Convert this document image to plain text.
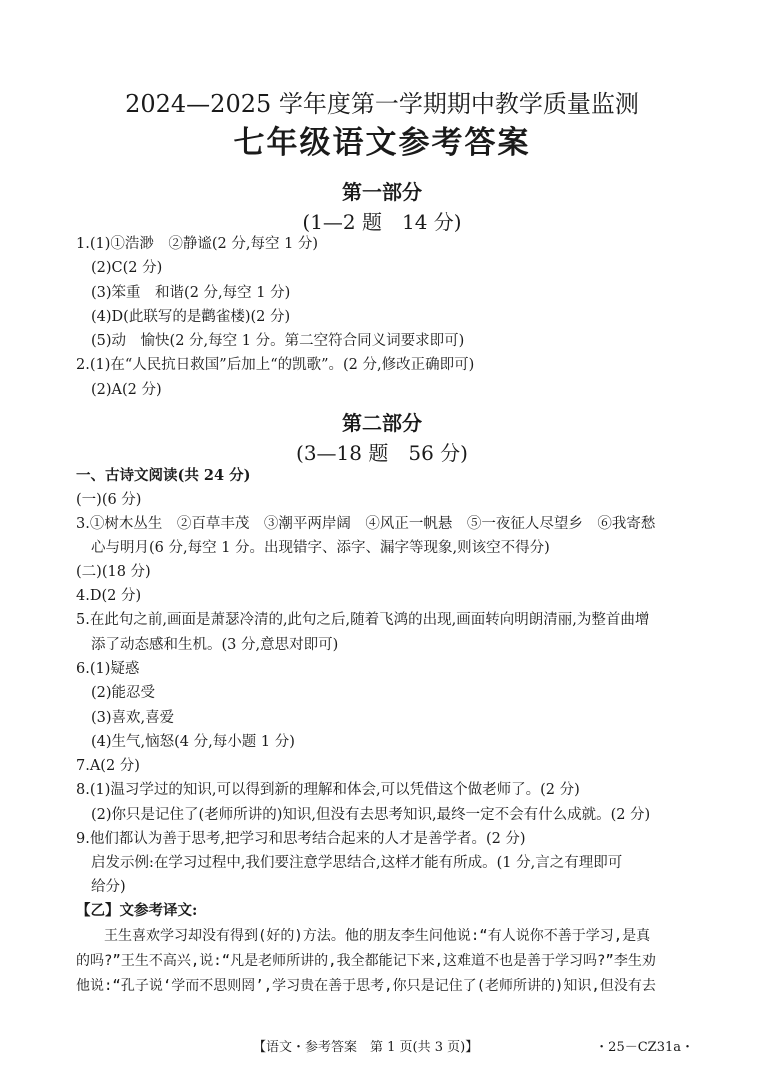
2024—2025 学年度第一学期期中教学质量监测
七年级语文参考答案
第一部分
(1—2 题 14 分)
1.(1)①浩渺　②静谧(2 分,每空 1 分)
(2)C(2 分)
(3)笨重　和谐(2 分,每空 1 分)
(4)D(此联写的是鹳雀楼)(2 分)
(5)动　愉快(2 分,每空 1 分。第二空符合同义词要求即可)
2.(1)在“人民抗日救国”后加上“的凯歌”。(2 分,修改正确即可)
(2)A(2 分)
第二部分
(3—18 题 56 分)
一、古诗文阅读(共 24 分)
(一)(6 分)
3.①树木丛生　②百草丰茂　③潮平两岸阔　④风正一帆悬　⑤一夜征人尽望乡　⑥我寄愁
心与明月(6 分,每空 1 分。出现错字、添字、漏字等现象,则该空不得分)
(二)(18 分)
4.D(2 分)
5.在此句之前,画面是萧瑟冷清的,此句之后,随着飞鸿的出现,画面转向明朗清丽,为整首曲增
添了动态感和生机。(3 分,意思对即可)
6.(1)疑惑
(2)能忍受
(3)喜欢,喜爱
(4)生气,恼怒(4 分,每小题 1 分)
7.A(2 分)
8.(1)温习学过的知识,可以得到新的理解和体会,可以凭借这个做老师了。(2 分)
(2)你只是记住了(老师所讲的)知识,但没有去思考知识,最终一定不会有什么成就。(2 分)
9.他们都认为善于思考,把学习和思考结合起来的人才是善学者。(2 分)
启发示例:在学习过程中,我们要注意学思结合,这样才能有所成。(1 分,言之有理即可
给分)
【乙】文参考译文:
王生喜欢学习却没有得到(好的)方法。他的朋友李生问他说:“有人说你不善于学习,是真
的吗?”王生不高兴,说:“凡是老师所讲的,我全都能记下来,这难道不也是善于学习吗?”李生劝
他说:“孔子说‘学而不思则罔’,学习贵在善于思考,你只是记住了(老师所讲的)知识,但没有去
【语文・参考答案　第 1 页(共 3 页)】	・25－CZ31a・
